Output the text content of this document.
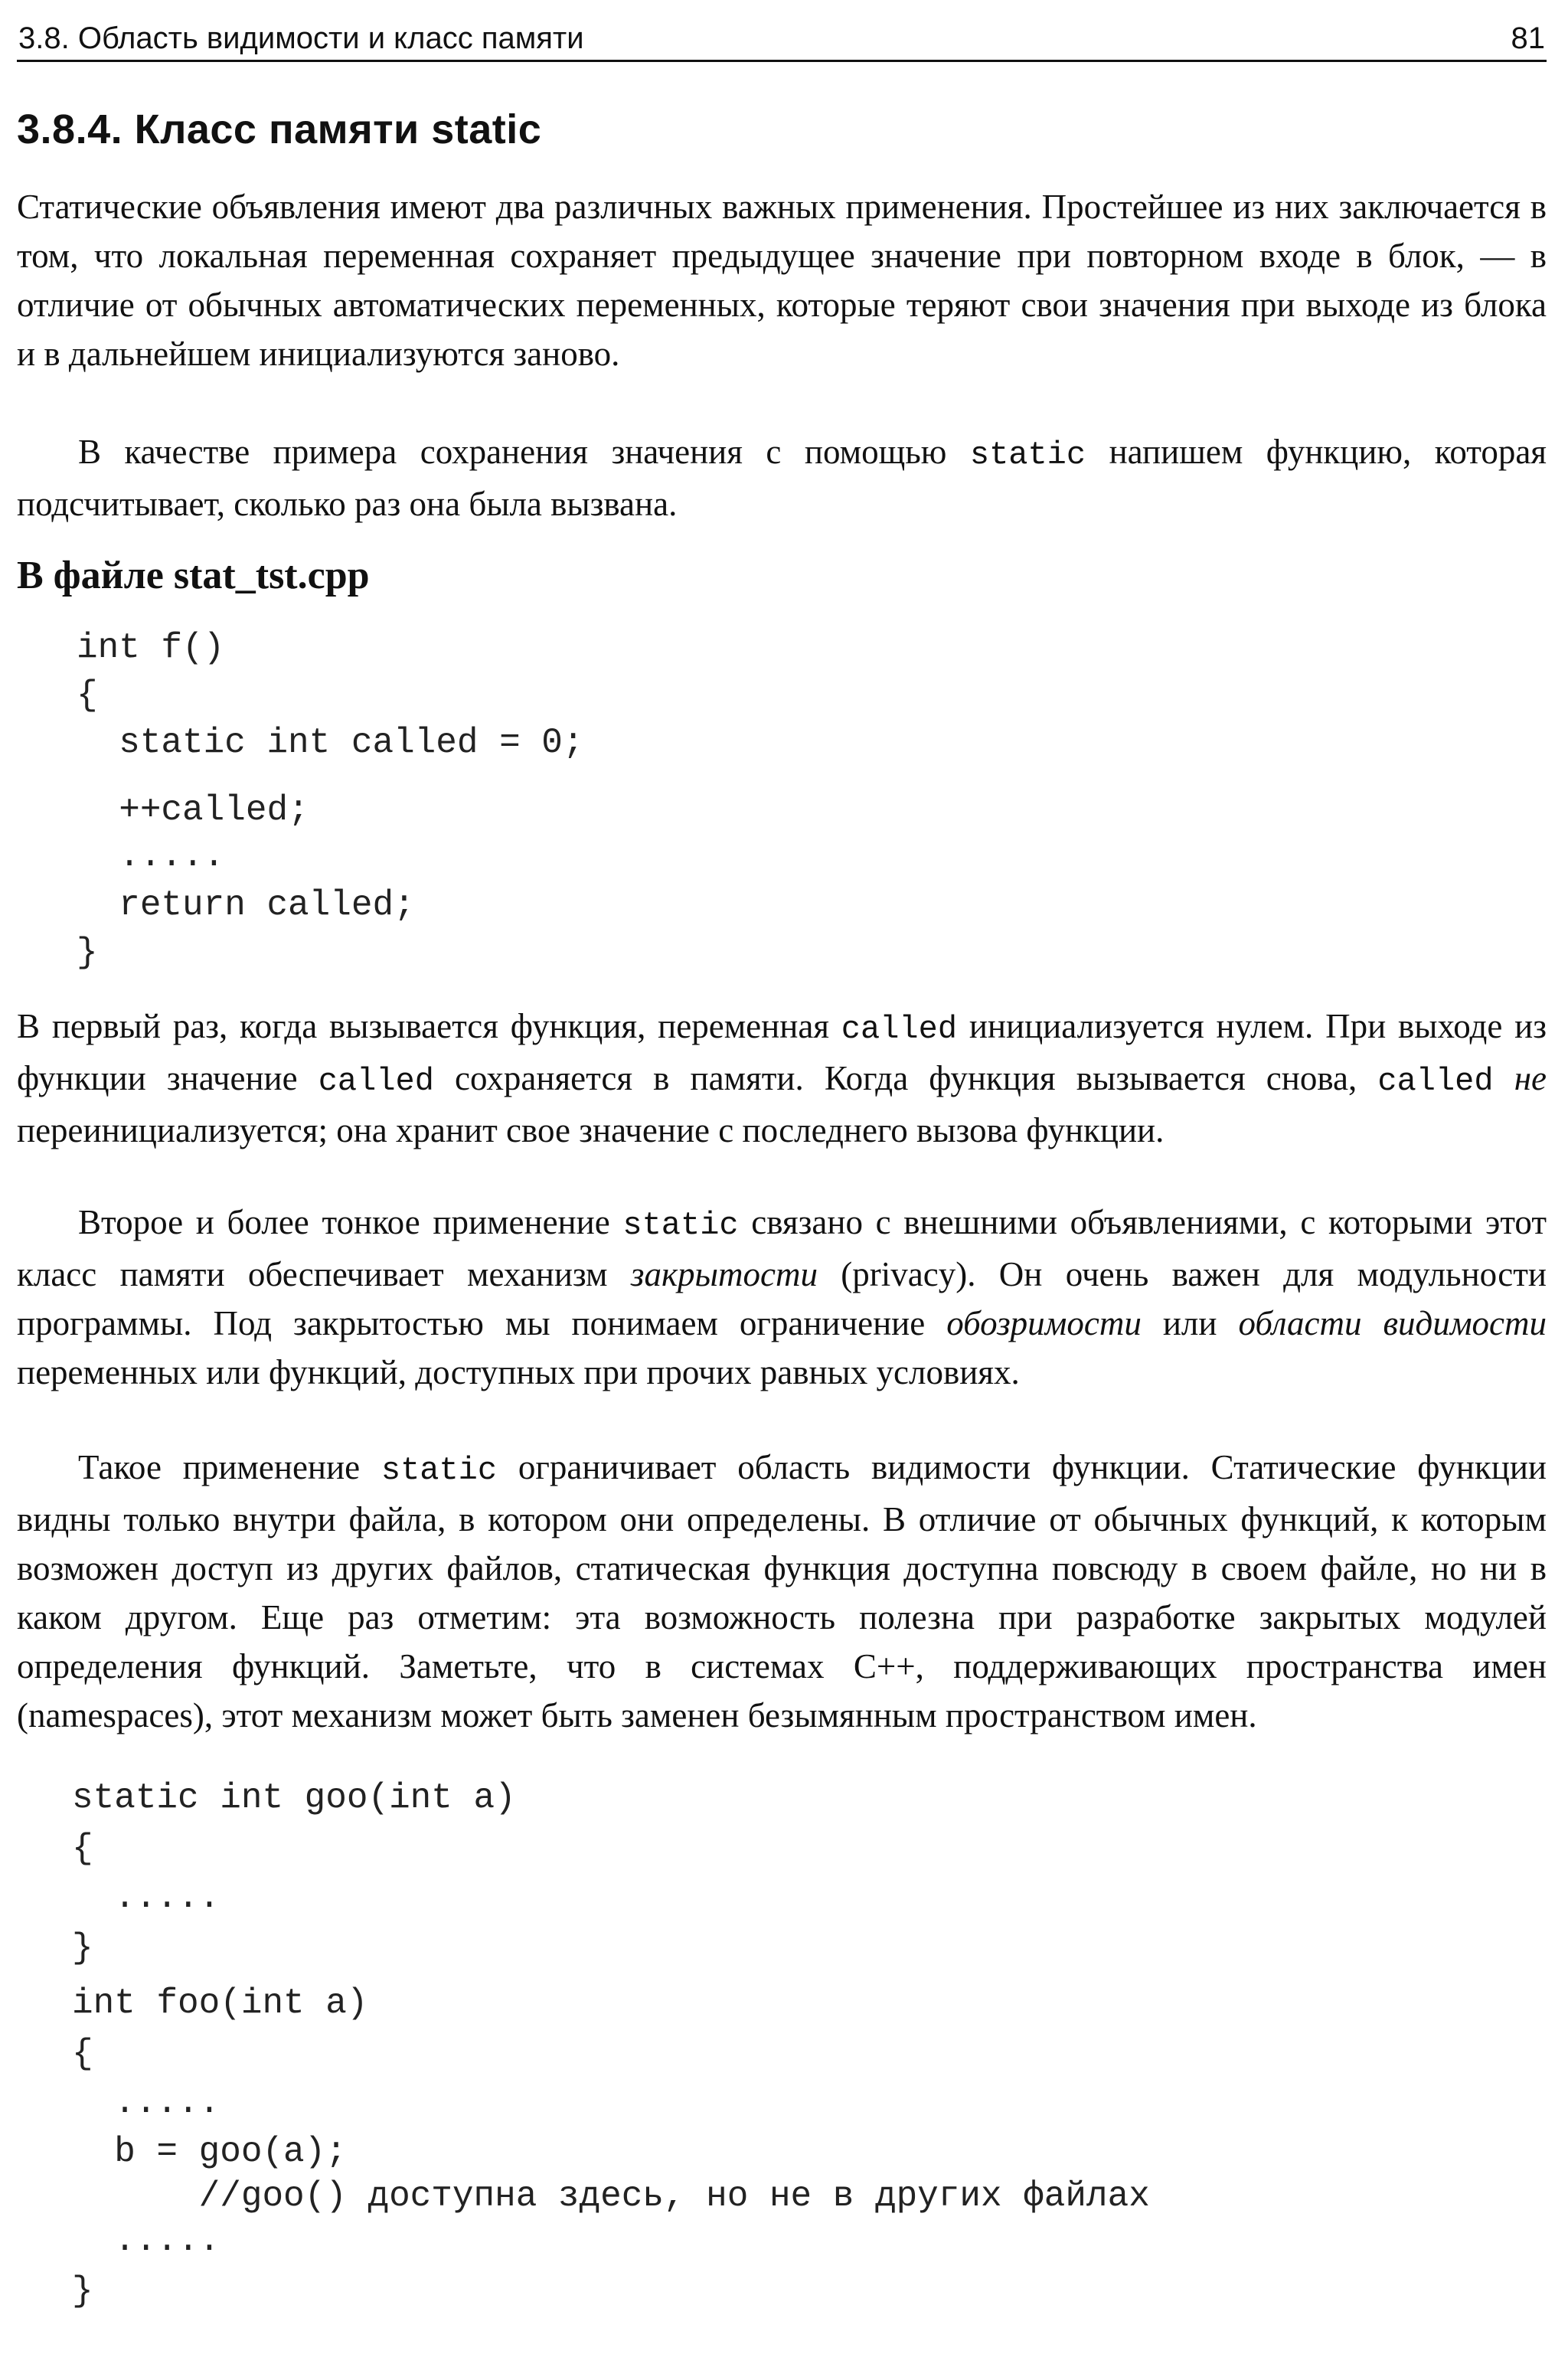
3.8. Область видимости и класс памяти	81
3.8.4. Класс памяти static

Статические объявления имеют два различных важных применения. Простейшее из них заключается в том, что локальная переменная сохраняет предыдущее значение при повторном входе в блок, — в отличие от обычных автоматических переменных, которые теряют свои значения при выходе из блока и в дальнейшем инициализуются заново.

В качестве примера сохранения значения с помощью static напишем функцию, которая подсчитывает, сколько раз она была вызвана.

В файле stat_tst.cpp

int f()

{

static int called = 0;

++called;

.....

return called;

}

В первый раз, когда вызывается функция, переменная called инициализуется нулем. При выходе из функции значение called сохраняется в памяти. Когда функция вызывается снова, called не переинициализуется; она хранит свое значение с последнего вызова функции.

Второе и более тонкое применение static связано с внешними объявлениями, с которыми этот класс памяти обеспечивает механизм закрытости (privacy). Он очень важен для модульности программы. Под закрытостью мы понимаем ограничение обозримости или области видимости переменных или функций, доступных при прочих равных условиях.

Такое применение static ограничивает область видимости функции. Статические функции видны только внутри файла, в котором они определены. В отличие от обычных функций, к которым возможен доступ из других файлов, статическая функция доступна повсюду в своем файле, но ни в каком другом. Еще раз отметим: эта возможность полезна при разработке закрытых модулей определения функций. Заметьте, что в системах C++, поддерживающих пространства имен (namespaces), этот механизм может быть заменен безымянным пространством имен.

static int goo(int a)

{

.....

}

int foo(int a)

{

.....

b = goo(a);

//goo() доступна здесь, но не в других файлах

.....

}
